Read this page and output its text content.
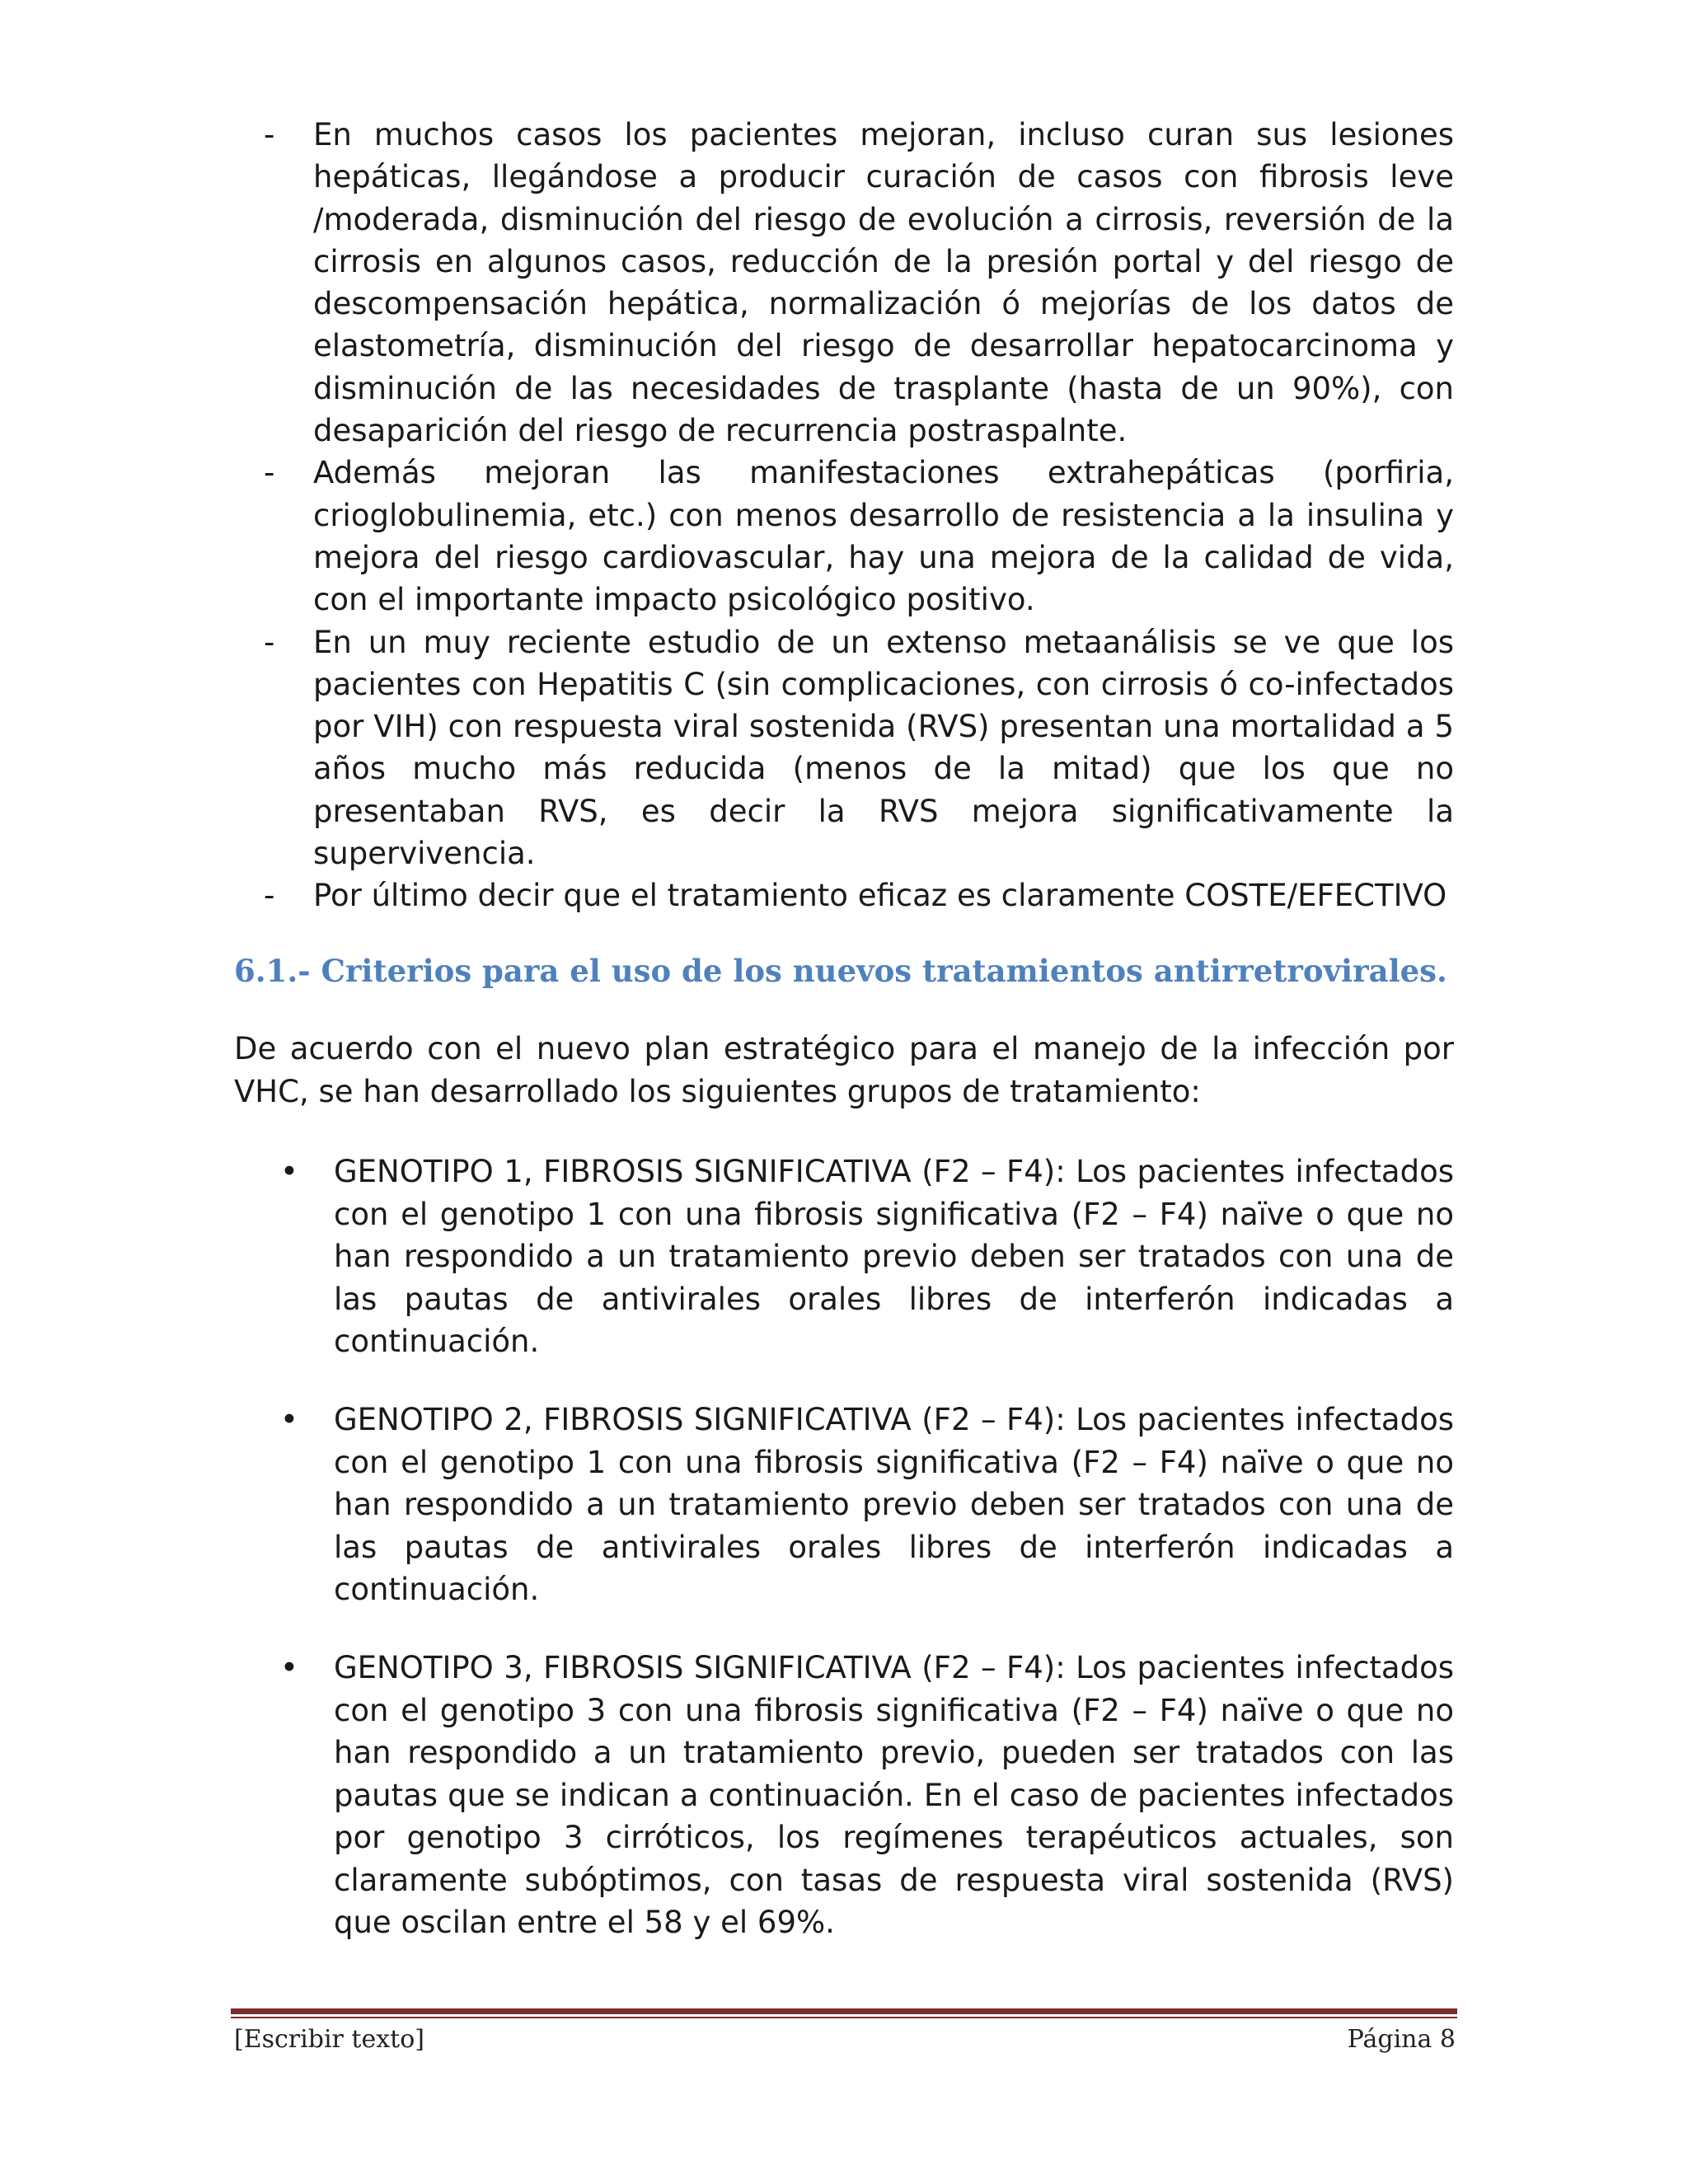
- En muchos casos los pacientes mejoran, incluso curan sus lesiones hepáticas, llegándose a producir curación de casos con fibrosis leve /moderada, disminución del riesgo de evolución a cirrosis, reversión de la cirrosis en algunos casos, reducción de la presión portal y del riesgo de descompensación hepática, normalización ó mejorías de los datos de elastometría, disminución del riesgo de desarrollar hepatocarcinoma y disminución de las necesidades de trasplante (hasta de un 90%), con desaparición del riesgo de recurrencia postraspalnte.
- Además mejoran las manifestaciones extrahepáticas (porfiria, crioglobulinemia, etc.) con menos desarrollo de resistencia a la insulina y mejora del riesgo cardiovascular, hay una mejora de la calidad de vida, con el importante impacto psicológico positivo.
- En un muy reciente estudio de un extenso metaanálisis se ve que los pacientes con Hepatitis C (sin complicaciones, con cirrosis ó co-infectados por VIH) con respuesta viral sostenida (RVS) presentan una mortalidad a 5 años mucho más reducida (menos de la mitad) que los que no presentaban RVS, es decir la RVS mejora significativamente la supervivencia.
- Por último decir que el tratamiento eficaz es claramente COSTE/EFECTIVO
6.1.- Criterios para el uso de los nuevos tratamientos antirretrovirales.

De acuerdo con el nuevo plan estratégico para el manejo de la infección por VHC, se han desarrollado los siguientes grupos de tratamiento:

• GENOTIPO 1, FIBROSIS SIGNIFICATIVA (F2 – F4): Los pacientes infectados con el genotipo 1 con una fibrosis significativa (F2 – F4) naïve o que no han respondido a un tratamiento previo deben ser tratados con una de las pautas de antivirales orales libres de interferón indicadas a continuación.
• GENOTIPO 2, FIBROSIS SIGNIFICATIVA (F2 – F4): Los pacientes infectados con el genotipo 1 con una fibrosis significativa (F2 – F4) naïve o que no han respondido a un tratamiento previo deben ser tratados con una de las pautas de antivirales orales libres de interferón indicadas a continuación.
• GENOTIPO 3, FIBROSIS SIGNIFICATIVA (F2 – F4): Los pacientes infectados con el genotipo 3 con una fibrosis significativa (F2 – F4) naïve o que no han respondido a un tratamiento previo, pueden ser tratados con las pautas que se indican a continuación. En el caso de pacientes infectados por genotipo 3 cirróticos, los regímenes terapéuticos actuales, son claramente subóptimos, con tasas de respuesta viral sostenida (RVS) que oscilan entre el 58 y el 69%.
[Escribir texto]	Página 8
